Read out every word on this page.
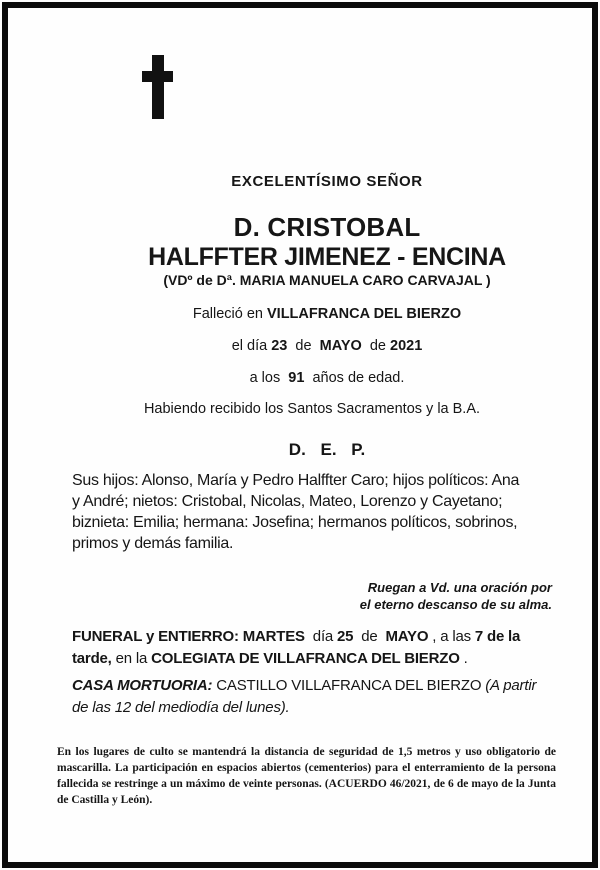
EXCELENTÍSIMO SEÑOR
D. CRISTOBAL
HALFFTER JIMENEZ - ENCINA
(VDº de Dª. MARIA MANUELA CARO CARVAJAL )
Falleció en VILLAFRANCA DEL BIERZO
el día 23  de  MAYO  de 2021
a los  91  años de edad.
Habiendo recibido los Santos Sacramentos y la B.A.
D. E. P.
Sus hijos: Alonso, María y Pedro Halffter Caro; hijos políticos: Ana
y André; nietos: Cristobal, Nicolas, Mateo, Lorenzo y Cayetano;
biznieta: Emilia; hermana: Josefina; hermanos políticos, sobrinos,
primos y demás familia.
Ruegan a Vd. una oración por
el eterno descanso de su alma.
FUNERAL y ENTIERRO: MARTES  día 25  de  MAYO , a las 7 de la
tarde, en la COLEGIATA DE VILLAFRANCA DEL BIERZO .
CASA MORTUORIA: CASTILLO VILLAFRANCA DEL BIERZO (A partir
de las 12 del mediodía del lunes).
En los lugares de culto se mantendrá la distancia de seguridad de 1,5 metros y uso obligatorio de mascarilla. La participación en espacios abiertos (cementerios) para el enterramiento de la persona fallecida se restringe a un máximo de veinte personas. (ACUERDO 46/2021, de 6 de mayo de la Junta de Castilla y León).
